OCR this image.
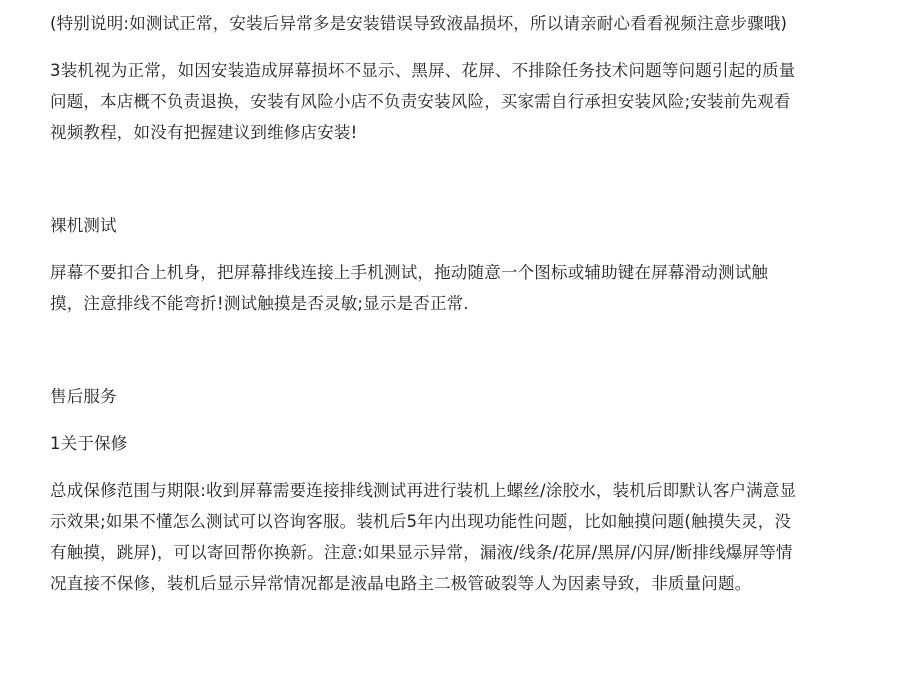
(特别说明:如测试正常，安装后异常多是安装错误导致液晶损坏，所以请亲耐心看看视频注意步骤哦)

3装机视为正常，如因安装造成屏幕损坏不显示、黑屏、花屏、不排除任务技术问题等问题引起的质量问题，本店概不负责退换，安装有风险小店不负责安装风险，买家需自行承担安装风险;安装前先观看视频教程，如没有把握建议到维修店安装!

裸机测试

屏幕不要扣合上机身，把屏幕排线连接上手机测试，拖动随意一个图标或辅助键在屏幕滑动测试触摸，注意排线不能弯折!测试触摸是否灵敏;显示是否正常.

售后服务

1关于保修

总成保修范围与期限:收到屏幕需要连接排线测试再进行装机上螺丝/涂胶水，装机后即默认客户满意显示效果;如果不懂怎么测试可以咨询客服。装机后5年内出现功能性问题，比如触摸问题(触摸失灵，没有触摸，跳屏)，可以寄回帮你换新。注意:如果显示异常，漏液/线条/花屏/黑屏/闪屏/断排线爆屏等情况直接不保修，装机后显示异常情况都是液晶电路主二极管破裂等人为因素导致，非质量问题。
